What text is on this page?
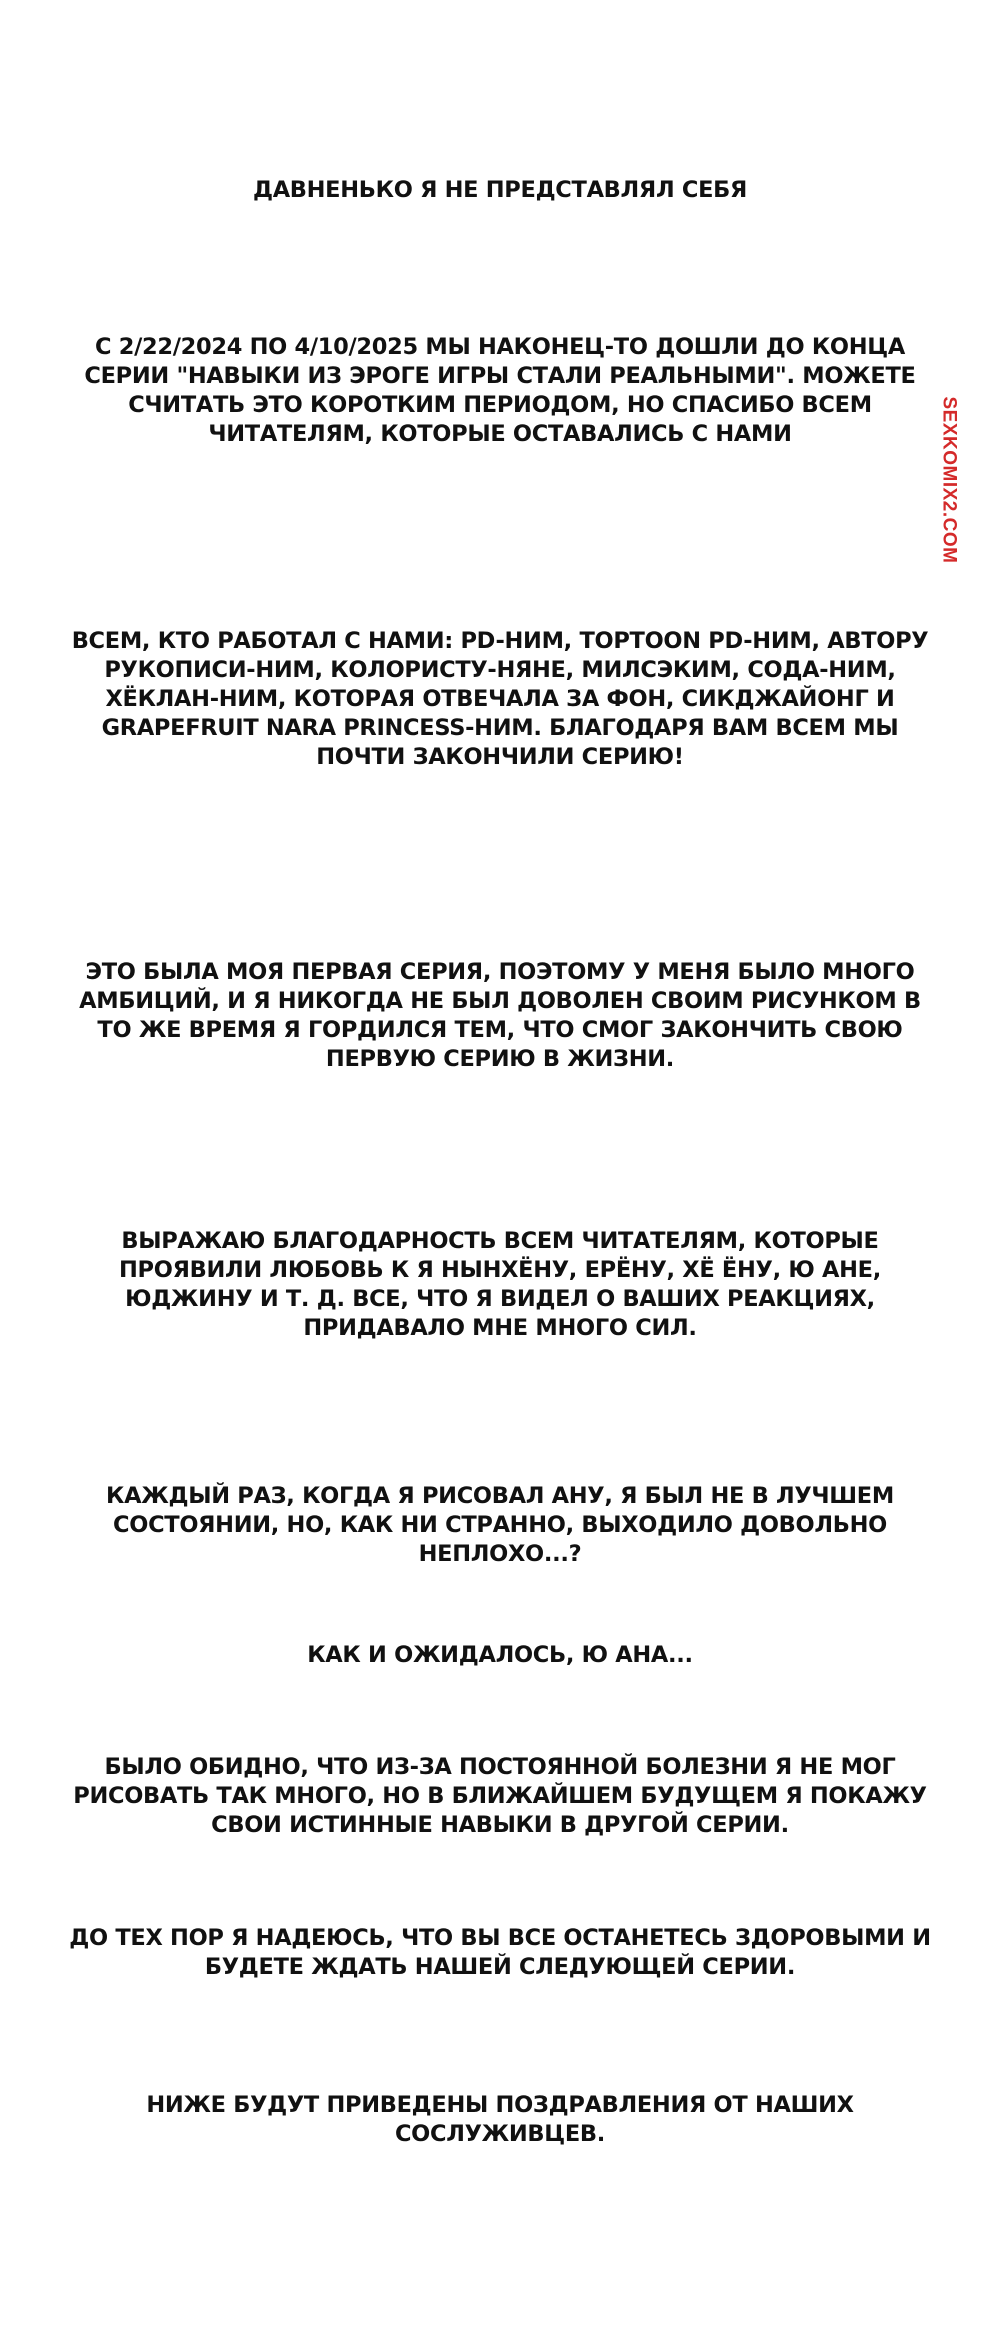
ДАВНЕНЬКО Я НЕ ПРЕДСТАВЛЯЛ СЕБЯ

С 2/22/2024 ПО 4/10/2025 МЫ НАКОНЕЦ-ТО ДОШЛИ ДО КОНЦА СЕРИИ "НАВЫКИ ИЗ ЭРОГЕ ИГРЫ СТАЛИ РЕАЛЬНЫМИ". МОЖЕТЕ СЧИТАТЬ ЭТО КОРОТКИМ ПЕРИОДОМ, НО СПАСИБО ВСЕМ ЧИТАТЕЛЯМ, КОТОРЫЕ ОСТАВАЛИСЬ С НАМИ

ВСЕМ, КТО РАБОТАЛ С НАМИ: PD-НИМ, TOPTOON PD-НИМ, АВТОРУ РУКОПИСИ-НИМ, КОЛОРИСТУ-НЯНЕ, МИЛСЭКИМ, СОДА-НИМ, ХЁКЛАН-НИМ, КОТОРАЯ ОТВЕЧАЛА ЗА ФОН, СИКДЖАЙОНГ И GRAPEFRUIT NARA PRINCESS-НИМ. БЛАГОДАРЯ ВАМ ВСЕМ МЫ ПОЧТИ ЗАКОНЧИЛИ СЕРИЮ!

ЭТО БЫЛА МОЯ ПЕРВАЯ СЕРИЯ, ПОЭТОМУ У МЕНЯ БЫЛО МНОГО АМБИЦИЙ, И Я НИКОГДА НЕ БЫЛ ДОВОЛЕН СВОИМ РИСУНКОМ В ТО ЖЕ ВРЕМЯ Я ГОРДИЛСЯ ТЕМ, ЧТО СМОГ ЗАКОНЧИТЬ СВОЮ ПЕРВУЮ СЕРИЮ В ЖИЗНИ.

ВЫРАЖАЮ БЛАГОДАРНОСТЬ ВСЕМ ЧИТАТЕЛЯМ, КОТОРЫЕ ПРОЯВИЛИ ЛЮБОВЬ К Я НЫНХЁНУ, ЕРЁНУ, ХЁ ЁНУ, Ю АНЕ, ЮДЖИНУ И Т. Д. ВСЕ, ЧТО Я ВИДЕЛ О ВАШИХ РЕАКЦИЯХ, ПРИДАВАЛО МНЕ МНОГО СИЛ.

КАЖДЫЙ РАЗ, КОГДА Я РИСОВАЛ АНУ, Я БЫЛ НЕ В ЛУЧШЕМ СОСТОЯНИИ, НО, КАК НИ СТРАННО, ВЫХОДИЛО ДОВОЛЬНО НЕПЛОХО...?

КАК И ОЖИДАЛОСЬ, Ю АНА...

БЫЛО ОБИДНО, ЧТО ИЗ-ЗА ПОСТОЯННОЙ БОЛЕЗНИ Я НЕ МОГ РИСОВАТЬ ТАК МНОГО, НО В БЛИЖАЙШЕМ БУДУЩЕМ Я ПОКАЖУ СВОИ ИСТИННЫЕ НАВЫКИ В ДРУГОЙ СЕРИИ.

ДО ТЕХ ПОР Я НАДЕЮСЬ, ЧТО ВЫ ВСЕ ОСТАНЕТЕСЬ ЗДОРОВЫМИ И БУДЕТЕ ЖДАТЬ НАШЕЙ СЛЕДУЮЩЕЙ СЕРИИ.

НИЖЕ БУДУТ ПРИВЕДЕНЫ ПОЗДРАВЛЕНИЯ ОТ НАШИХ СОСЛУЖИВЦЕВ.

SEXKOMIX2.COM
